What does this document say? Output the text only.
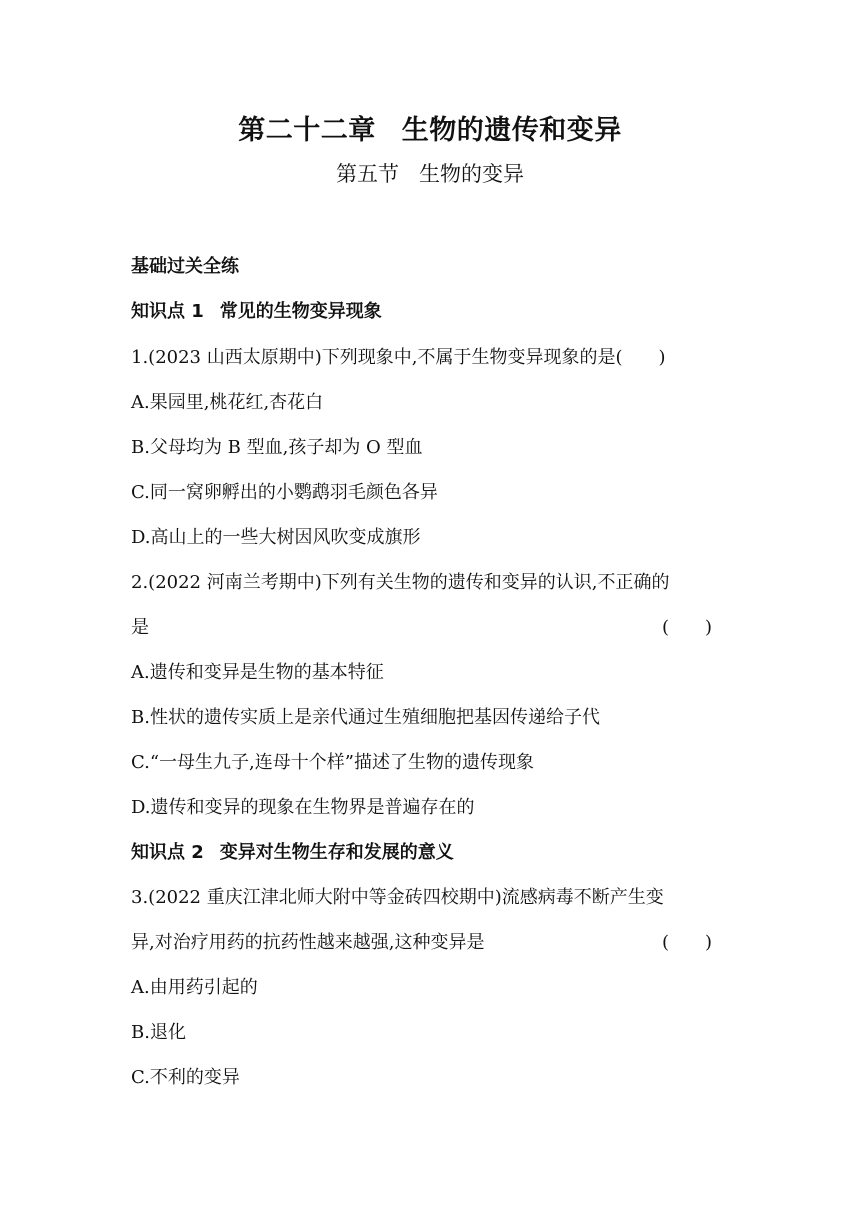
第二十二章 生物的遗传和变异
第五节 生物的变异
基础过关全练
知识点 1 常见的生物变异现象
1.(2023 山西太原期中)下列现象中,不属于生物变异现象的是(　　)
A.果园里,桃花红,杏花白
B.父母均为 B 型血,孩子却为 O 型血
C.同一窝卵孵出的小鹦鹉羽毛颜色各异
D.高山上的一些大树因风吹变成旗形
2.(2022 河南兰考期中)下列有关生物的遗传和变异的认识,不正确的
是	(　　)
A.遗传和变异是生物的基本特征
B.性状的遗传实质上是亲代通过生殖细胞把基因传递给子代
C.“一母生九子,连母十个样”描述了生物的遗传现象
D.遗传和变异的现象在生物界是普遍存在的
知识点 2 变异对生物生存和发展的意义
3.(2022 重庆江津北师大附中等金砖四校期中)流感病毒不断产生变
异,对治疗用药的抗药性越来越强,这种变异是	(　　)
A.由用药引起的
B.退化
C.不利的变异
